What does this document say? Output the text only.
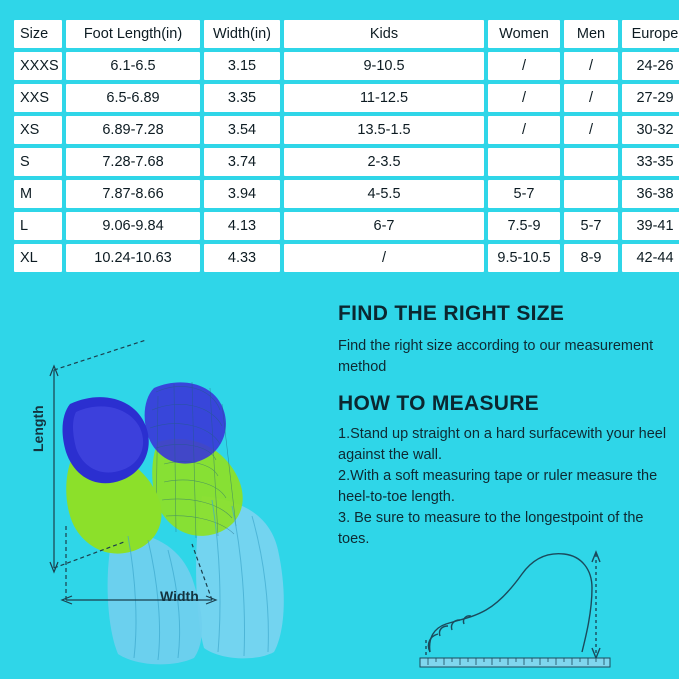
Size	Foot Length(in)	Width(in)	Kids	Women	Men	Europe
XXXS	6.1-6.5	3.15	9-10.5	/	/	24-26
XXS	6.5-6.89	3.35	11-12.5	/	/	27-29
XS	6.89-7.28	3.54	13.5-1.5	/	/	30-32
S	7.28-7.68	3.74	2-3.5			33-35
M	7.87-8.66	3.94	4-5.5	5-7		36-38
L	9.06-9.84	4.13	6-7	7.5-9	5-7	39-41
XL	10.24-10.63	4.33	/	9.5-10.5	8-9	42-44
FIND THE RIGHT SIZE

Find the right size according to our measurement method

HOW TO MEASURE

1.Stand up straight on a hard surfacewith your heel against the wall.

2.With a soft measuring tape or ruler measure the heel-to-toe length.

3. Be sure to measure to the longestpoint of the toes.

Length
Width
